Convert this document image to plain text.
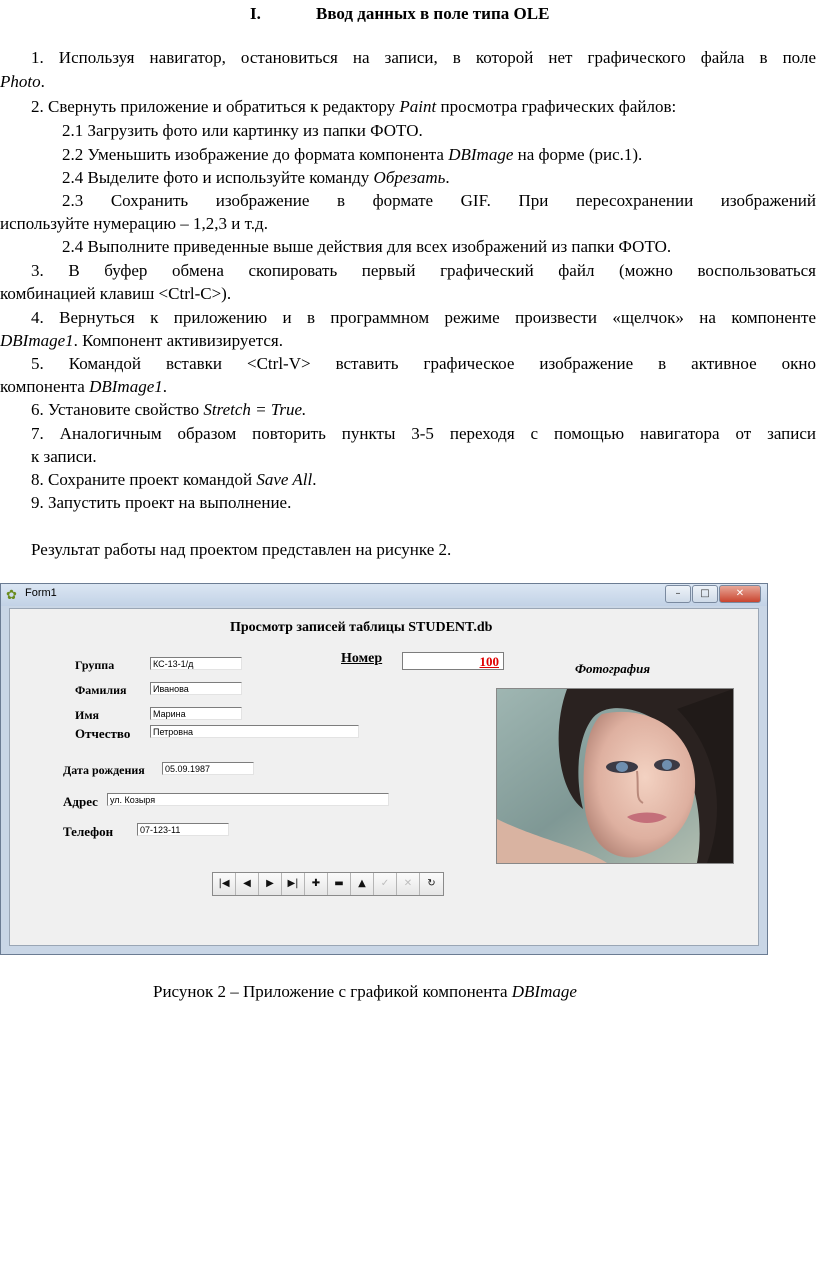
I.	Ввод данных в поле типа OLE
1. Используя навигатор, остановиться на записи, в которой нет графического файла в поле
Photo.
2. Свернуть приложение и обратиться к редактору Paint просмотра графических файлов:
2.1 Загрузить фото или картинку из папки ФОТО.
2.2 Уменьшить изображение до формата компонента DBImage на форме (рис.1).
2.4 Выделите фото и используйте команду Обрезать.
2.3 Сохранить изображение в формате GIF. При пересохранении изображений
используйте нумерацию – 1,2,3 и т.д.
2.4 Выполните приведенные выше действия для всех изображений из папки ФОТО.
3. В буфер обмена скопировать первый графический файл (можно воспользоваться
комбинацией клавиш <Ctrl-C>).
4. Вернуться к приложению и в программном режиме произвести «щелчок» на компоненте
DBImage1. Компонент активизируется.
5. Командой вставки <Ctrl-V> вставить графическое изображение в активное окно
компонента DBImage1.
6. Установите свойство Stretch = True.
7. Аналогичным образом повторить пункты 3-5 переходя с помощью навигатора от записи
к записи.
8. Сохраните проект командой Save All.
9. Запустить проект на выполнение.
Результат работы над проектом представлен на рисунке 2.
✿ Form1	–	□	✕
Просмотр записей таблицы STUDENT.db
Группа	КС-13-1/д
Фамилия	Иванова
Имя	Марина
Отчество	Петровна
Дата рождения	05.09.1987
Адрес	ул. Козыря
Телефон	07-123-11
Номер	100	Фотография
|◀	◀	▶	▶|	✚	▬	▲	✓	✕	↻
Рисунок 2 – Приложение с графикой компонента DBImage
